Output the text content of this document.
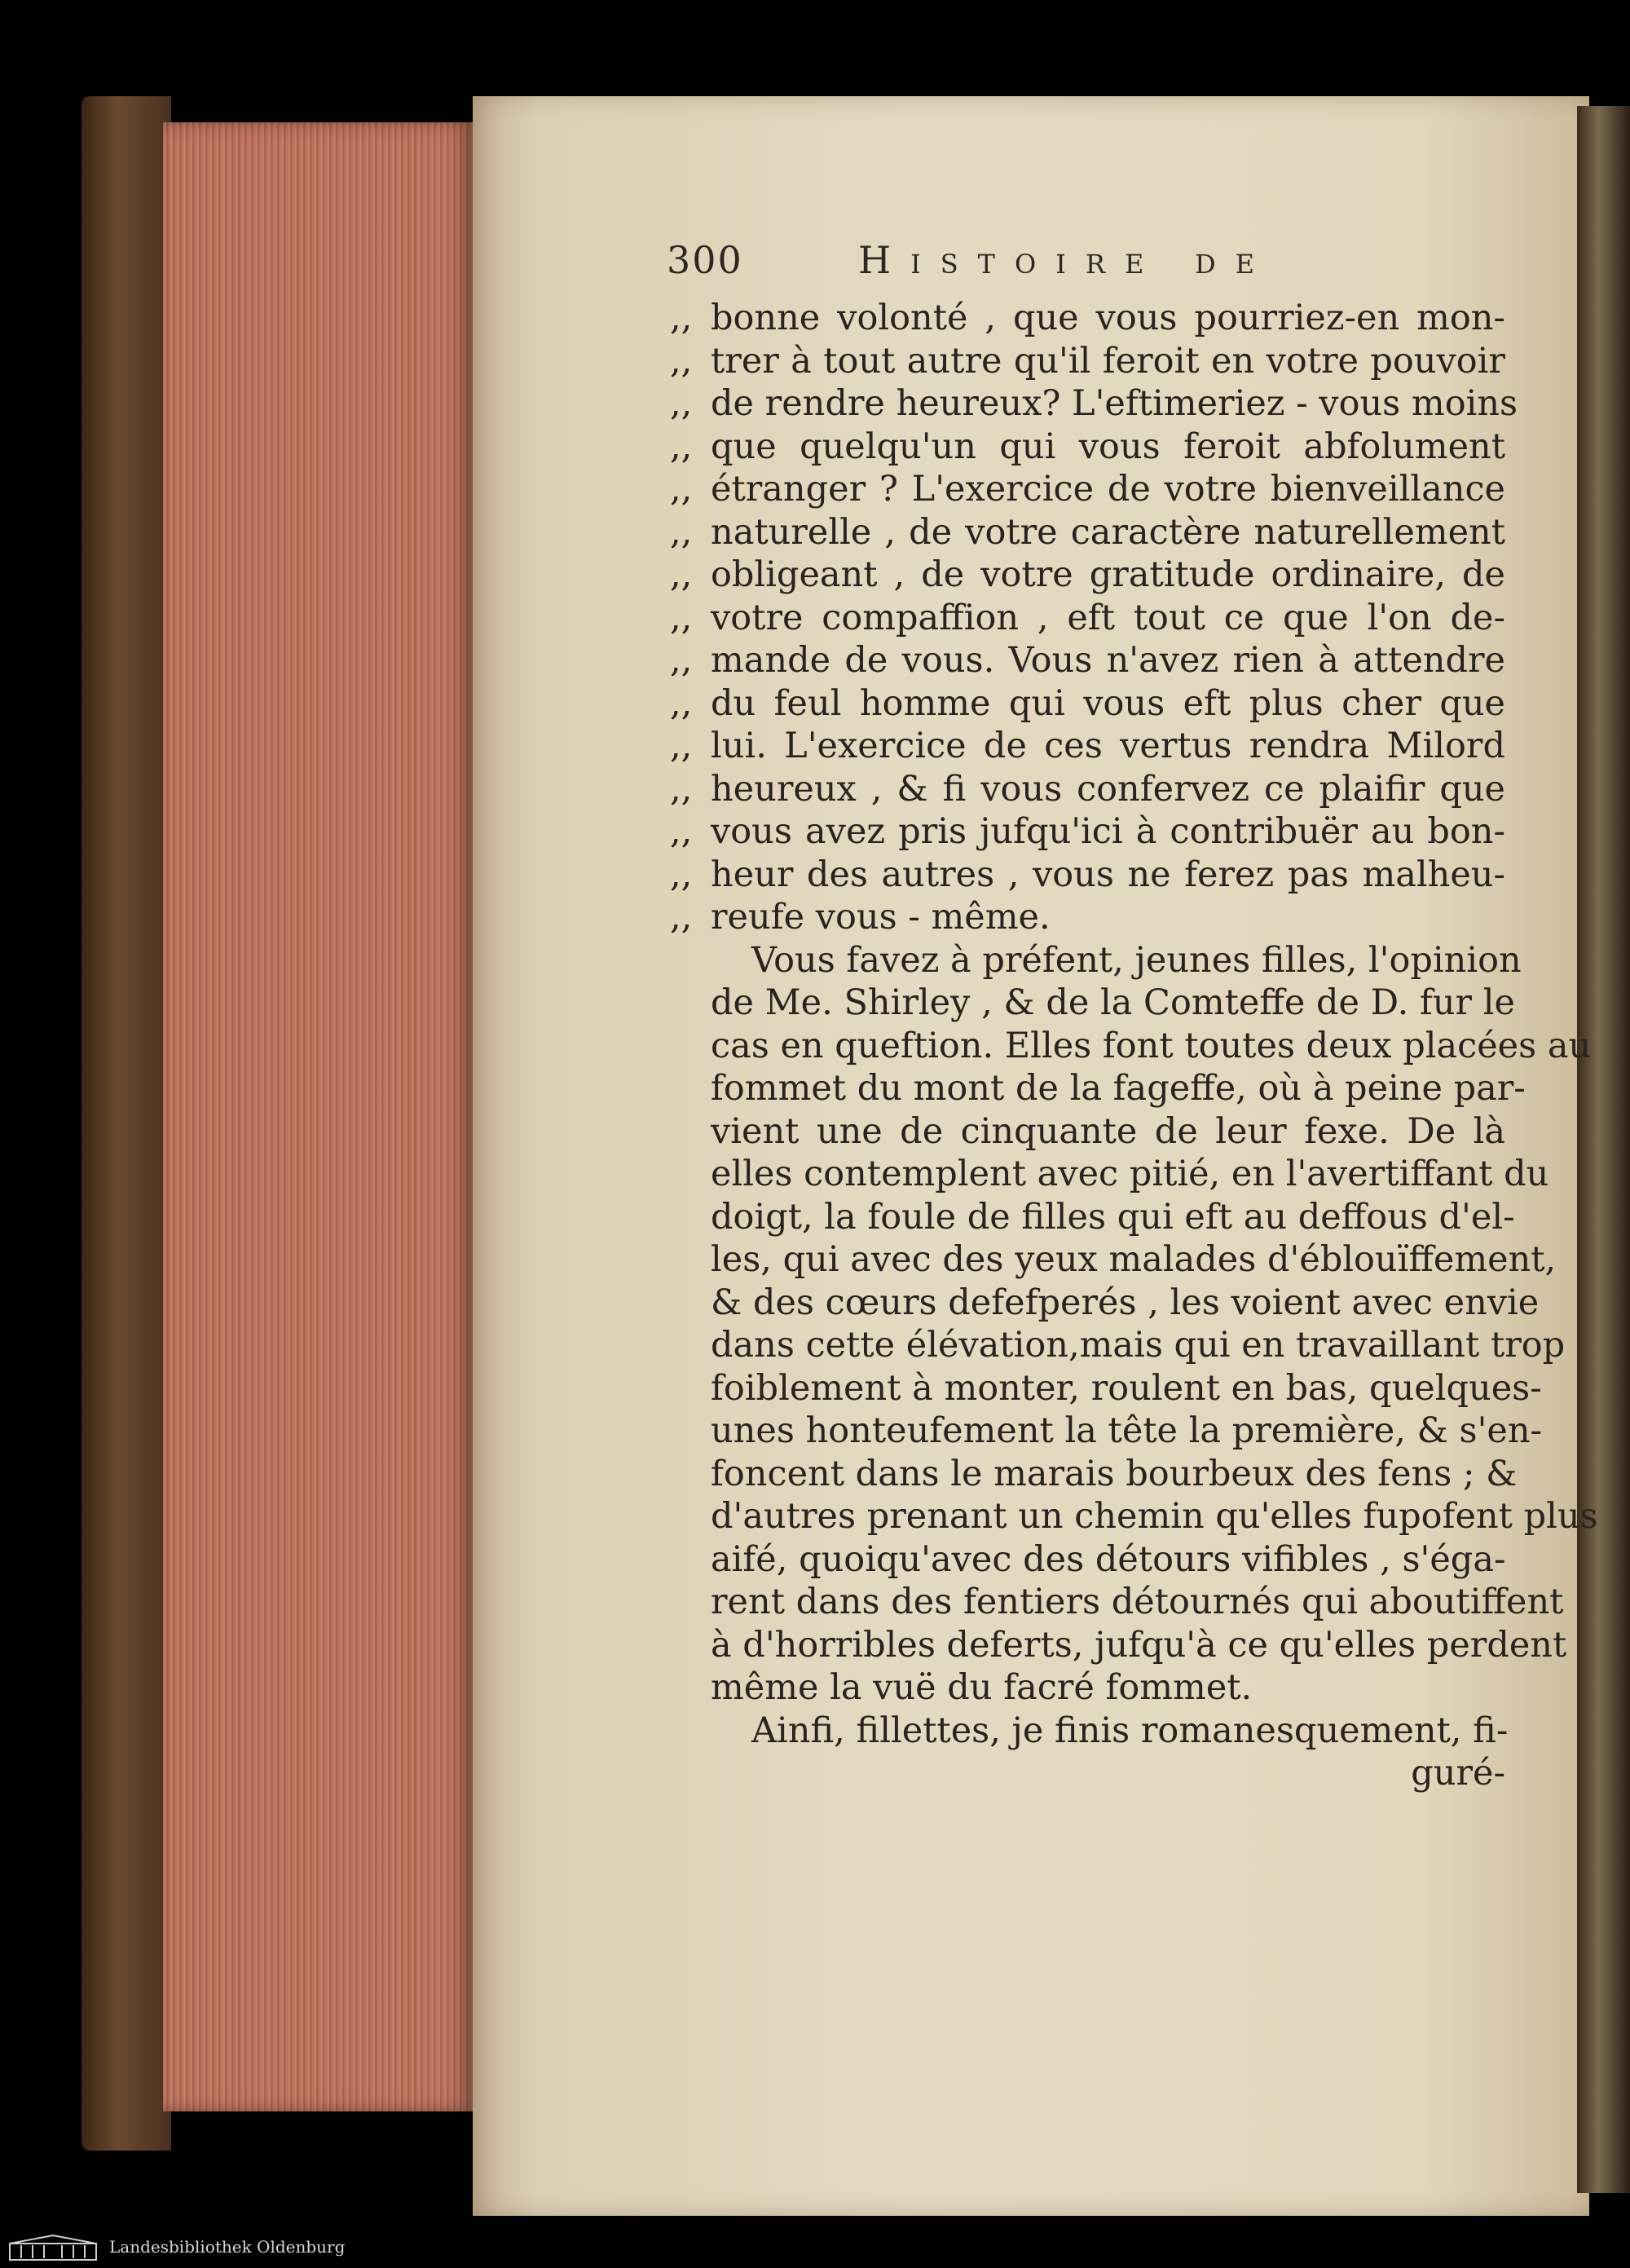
300	Histoire de
,, bonne volonté , que vous pourriez-en mon-
,, trer à tout autre qu'il feroit en votre pouvoir
,, de rendre heureux? L'eftimeriez - vous moins
,, que quelqu'un qui vous feroit abfolument
,, étranger ? L'exercice de votre bienveillance
,, naturelle , de votre caractère naturellement
,, obligeant , de votre gratitude ordinaire, de
,, votre compaffion , eft tout ce que l'on de-
,, mande de vous. Vous n'avez rien à attendre
,, du feul homme qui vous eft plus cher que
,, lui. L'exercice de ces vertus rendra Milord
,, heureux , & fi vous confervez ce plaifir que
,, vous avez pris jufqu'ici à contribuër au bon-
,, heur des autres , vous ne ferez pas malheu-
,, reufe vous - même.
Vous favez à préfent, jeunes filles, l'opinion
de Me. Shirley , & de la Comteffe de D. fur le
cas en queftion. Elles font toutes deux placées au
fommet du mont de la fageffe, où à peine par-
vient une de cinquante de leur fexe. De là
elles contemplent avec pitié, en l'avertiffant du
doigt, la foule de filles qui eft au deffous d'el-
les, qui avec des yeux malades d'éblouïffement,
& des cœurs defefperés , les voient avec envie
dans cette élévation,mais qui en travaillant trop
foiblement à monter, roulent en bas, quelques-
unes honteufement la tête la première, & s'en-
foncent dans le marais bourbeux des fens ; &
d'autres prenant un chemin qu'elles fupofent plus
aifé, quoiqu'avec des détours vifibles , s'éga-
rent dans des fentiers détournés qui aboutiffent
à d'horribles deferts, jufqu'à ce qu'elles perdent
même la vuë du facré fommet.
Ainfi, fillettes, je finis romanesquement, fi-
guré-
Landesbibliothek Oldenburg
